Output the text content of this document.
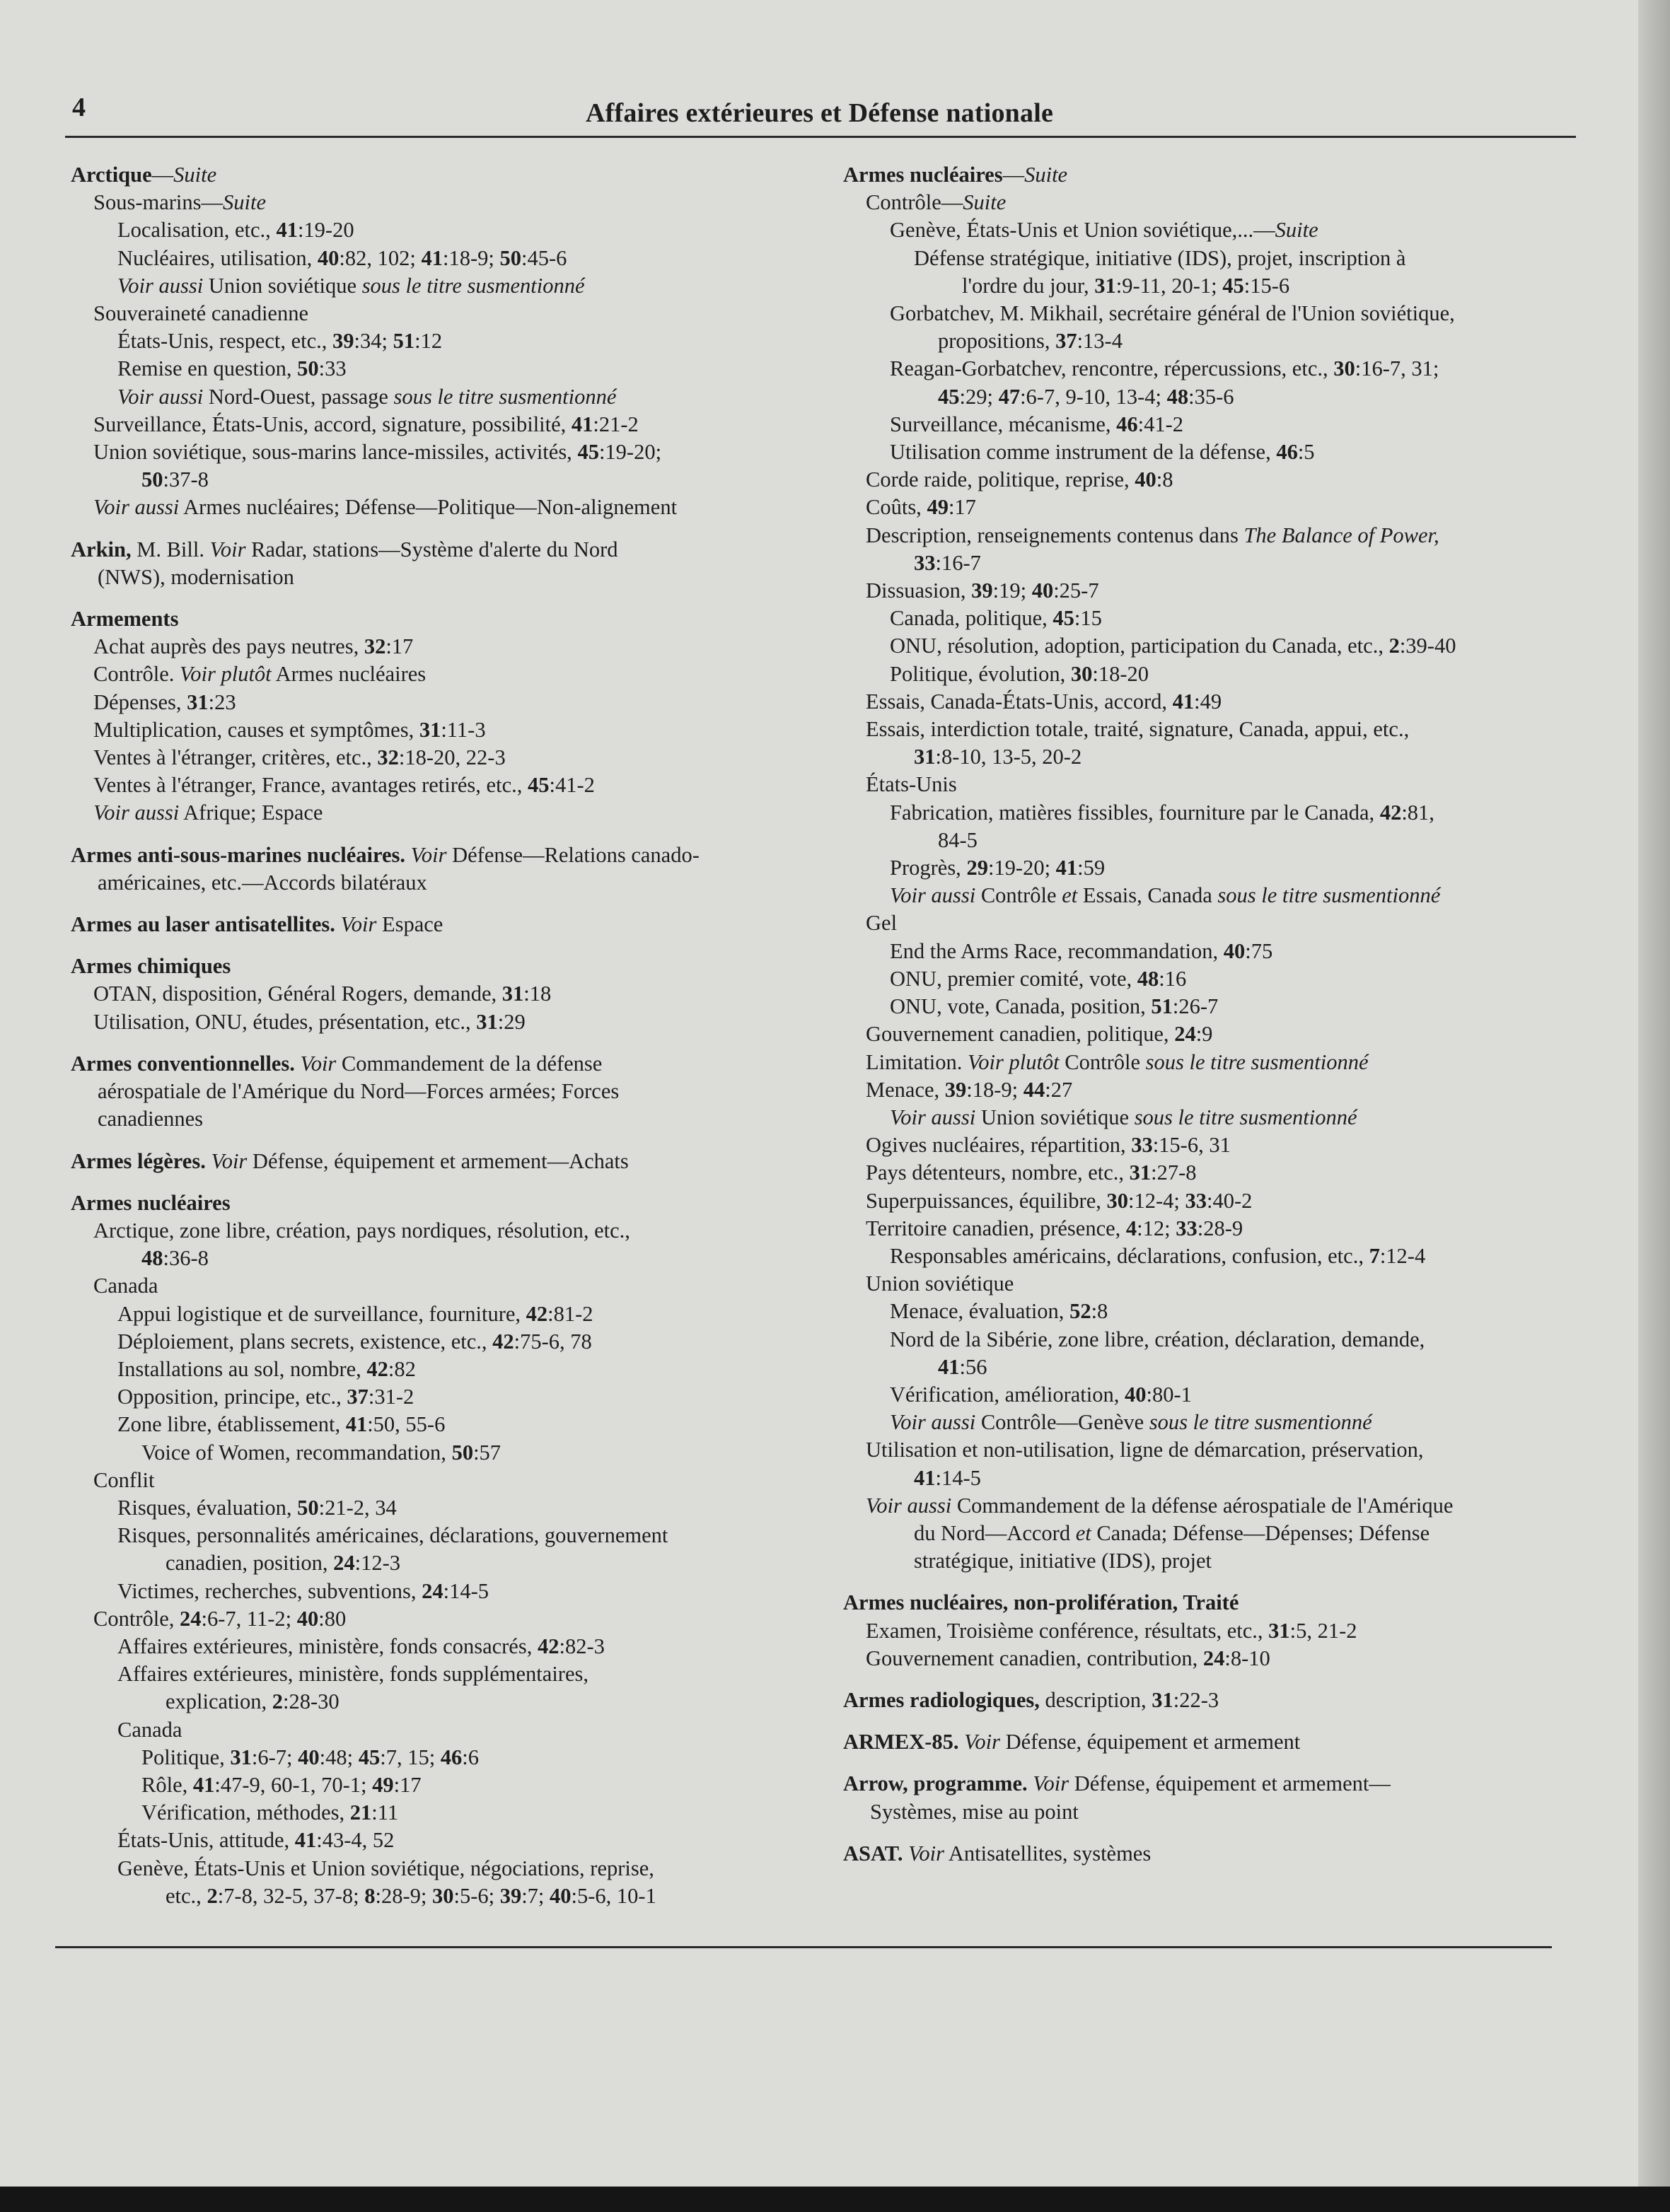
4	Affaires extérieures et Défense nationale
Arctique—Suite
Sous-marins—Suite
Localisation, etc., 41:19-20
Nucléaires, utilisation, 40:82, 102; 41:18-9; 50:45-6
Voir aussi Union soviétique sous le titre susmentionné
Souveraineté canadienne
États-Unis, respect, etc., 39:34; 51:12
Remise en question, 50:33
Voir aussi Nord-Ouest, passage sous le titre susmentionné
Surveillance, États-Unis, accord, signature, possibilité, 41:21-2
Union soviétique, sous-marins lance-missiles, activités, 45:19-20;
50:37-8
Voir aussi Armes nucléaires; Défense—Politique—Non-alignement
Arkin, M. Bill. Voir Radar, stations—Système d'alerte du Nord
(NWS), modernisation
Armements
Achat auprès des pays neutres, 32:17
Contrôle. Voir plutôt Armes nucléaires
Dépenses, 31:23
Multiplication, causes et symptômes, 31:11-3
Ventes à l'étranger, critères, etc., 32:18-20, 22-3
Ventes à l'étranger, France, avantages retirés, etc., 45:41-2
Voir aussi Afrique; Espace
Armes anti-sous-marines nucléaires. Voir Défense—Relations canado-
américaines, etc.—Accords bilatéraux
Armes au laser antisatellites. Voir Espace
Armes chimiques
OTAN, disposition, Général Rogers, demande, 31:18
Utilisation, ONU, études, présentation, etc., 31:29
Armes conventionnelles. Voir Commandement de la défense
aérospatiale de l'Amérique du Nord—Forces armées; Forces
canadiennes
Armes légères. Voir Défense, équipement et armement—Achats
Armes nucléaires
Arctique, zone libre, création, pays nordiques, résolution, etc.,
48:36-8
Canada
Appui logistique et de surveillance, fourniture, 42:81-2
Déploiement, plans secrets, existence, etc., 42:75-6, 78
Installations au sol, nombre, 42:82
Opposition, principe, etc., 37:31-2
Zone libre, établissement, 41:50, 55-6
Voice of Women, recommandation, 50:57
Conflit
Risques, évaluation, 50:21-2, 34
Risques, personnalités américaines, déclarations, gouvernement
canadien, position, 24:12-3
Victimes, recherches, subventions, 24:14-5
Contrôle, 24:6-7, 11-2; 40:80
Affaires extérieures, ministère, fonds consacrés, 42:82-3
Affaires extérieures, ministère, fonds supplémentaires,
explication, 2:28-30
Canada
Politique, 31:6-7; 40:48; 45:7, 15; 46:6
Rôle, 41:47-9, 60-1, 70-1; 49:17
Vérification, méthodes, 21:11
États-Unis, attitude, 41:43-4, 52
Genève, États-Unis et Union soviétique, négociations, reprise,
etc., 2:7-8, 32-5, 37-8; 8:28-9; 30:5-6; 39:7; 40:5-6, 10-1
Armes nucléaires—Suite
Contrôle—Suite
Genève, États-Unis et Union soviétique,...—Suite
Défense stratégique, initiative (IDS), projet, inscription à
l'ordre du jour, 31:9-11, 20-1; 45:15-6
Gorbatchev, M. Mikhail, secrétaire général de l'Union soviétique,
propositions, 37:13-4
Reagan-Gorbatchev, rencontre, répercussions, etc., 30:16-7, 31;
45:29; 47:6-7, 9-10, 13-4; 48:35-6
Surveillance, mécanisme, 46:41-2
Utilisation comme instrument de la défense, 46:5
Corde raide, politique, reprise, 40:8
Coûts, 49:17
Description, renseignements contenus dans The Balance of Power,
33:16-7
Dissuasion, 39:19; 40:25-7
Canada, politique, 45:15
ONU, résolution, adoption, participation du Canada, etc., 2:39-40
Politique, évolution, 30:18-20
Essais, Canada-États-Unis, accord, 41:49
Essais, interdiction totale, traité, signature, Canada, appui, etc.,
31:8-10, 13-5, 20-2
États-Unis
Fabrication, matières fissibles, fourniture par le Canada, 42:81,
84-5
Progrès, 29:19-20; 41:59
Voir aussi Contrôle et Essais, Canada sous le titre susmentionné
Gel
End the Arms Race, recommandation, 40:75
ONU, premier comité, vote, 48:16
ONU, vote, Canada, position, 51:26-7
Gouvernement canadien, politique, 24:9
Limitation. Voir plutôt Contrôle sous le titre susmentionné
Menace, 39:18-9; 44:27
Voir aussi Union soviétique sous le titre susmentionné
Ogives nucléaires, répartition, 33:15-6, 31
Pays détenteurs, nombre, etc., 31:27-8
Superpuissances, équilibre, 30:12-4; 33:40-2
Territoire canadien, présence, 4:12; 33:28-9
Responsables américains, déclarations, confusion, etc., 7:12-4
Union soviétique
Menace, évaluation, 52:8
Nord de la Sibérie, zone libre, création, déclaration, demande,
41:56
Vérification, amélioration, 40:80-1
Voir aussi Contrôle—Genève sous le titre susmentionné
Utilisation et non-utilisation, ligne de démarcation, préservation,
41:14-5
Voir aussi Commandement de la défense aérospatiale de l'Amérique
du Nord—Accord et Canada; Défense—Dépenses; Défense
stratégique, initiative (IDS), projet
Armes nucléaires, non-prolifération, Traité
Examen, Troisième conférence, résultats, etc., 31:5, 21-2
Gouvernement canadien, contribution, 24:8-10
Armes radiologiques, description, 31:22-3
ARMEX-85. Voir Défense, équipement et armement
Arrow, programme. Voir Défense, équipement et armement—
Systèmes, mise au point
ASAT. Voir Antisatellites, systèmes
